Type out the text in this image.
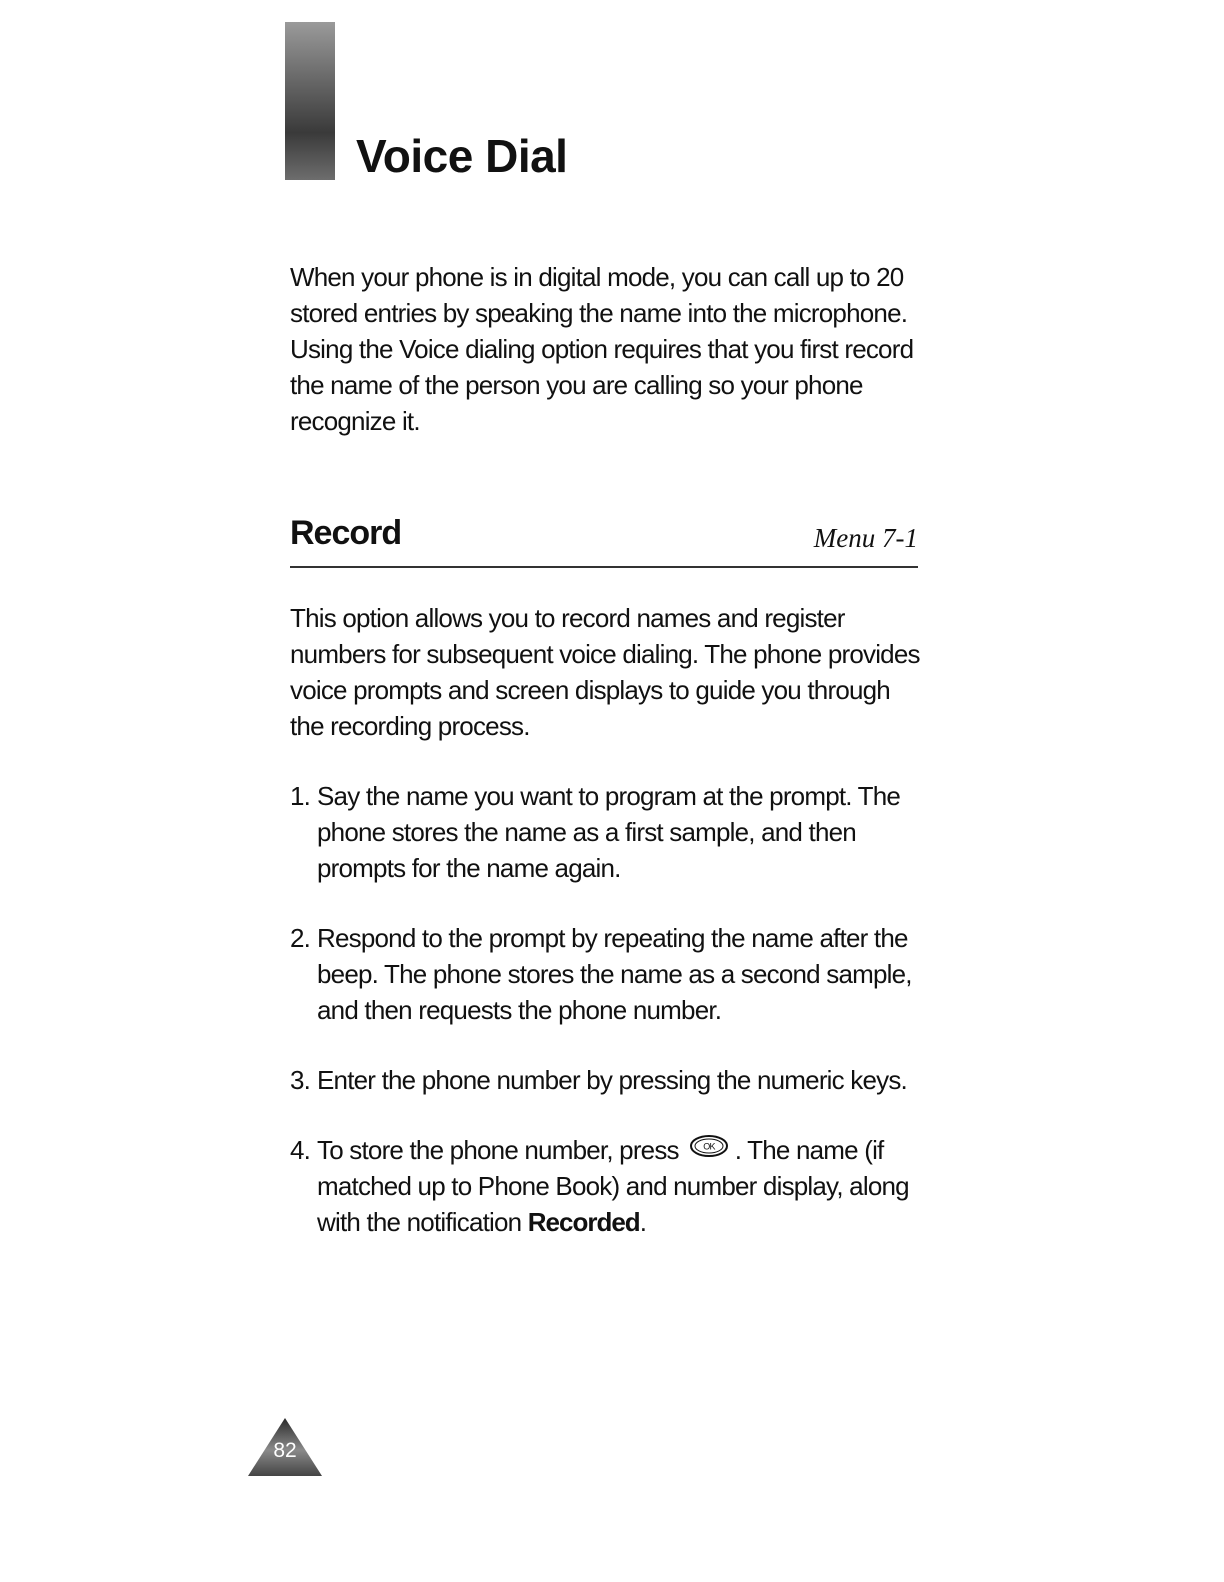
Voice Dial

When your phone is in digital mode, you can call up to 20 stored entries by speaking the name into the microphone. Using the Voice dialing option requires that you first record the name of the person you are calling so your phone recognize it.

Record	Menu 7-1

This option allows you to record names and register numbers for subsequent voice dialing. The phone provides voice prompts and screen displays to guide you through the recording process.

1. Say the name you want to program at the prompt. The phone stores the name as a first sample, and then prompts for the name again.
2. Respond to the prompt by repeating the name after the beep. The phone stores the name as a second sample, and then requests the phone number.
3. Enter the phone number by pressing the numeric keys.
4. To store the phone number, press	OK . The name (if matched up to Phone Book) and number display, along with the notification Recorded.
82
